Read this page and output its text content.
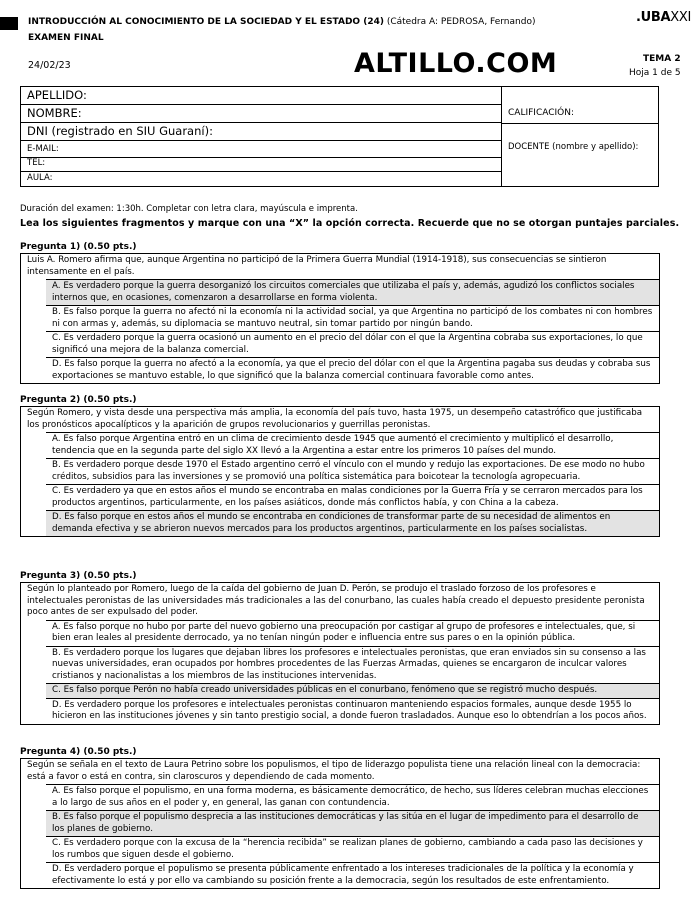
INTRODUCCIÓN AL CONOCIMIENTO DE LA SOCIEDAD Y EL ESTADO (24) (Cátedra A: PEDROSA, Fernando)
EXAMEN FINAL
.UBAXXI
24/02/23	ALTILLO.COM	TEMA 2
Hoja 1 de 5
APELLIDO:
NOMBRE:
DNI (registrado en SIU Guaraní):
E-MAIL:
TEL:
AULA:
CALIFICACIÓN:
DOCENTE (nombre y apellido):
Duración del examen: 1:30h. Completar con letra clara, mayúscula e imprenta.
Lea los siguientes fragmentos y marque con una “X” la opción correcta. Recuerde que no se otorgan puntajes parciales.
Pregunta 1) (0.50 pts.)
Luis A. Romero afirma que, aunque Argentina no participó de la Primera Guerra Mundial (1914-1918), sus consecuencias se sintieron intensamente en el país.
A. Es verdadero porque la guerra desorganizó los circuitos comerciales que utilizaba el país y, además, agudizó los conflictos sociales internos que, en ocasiones, comenzaron a desarrollarse en forma violenta.
B. Es falso porque la guerra no afectó ni la economía ni la actividad social, ya que Argentina no participó de los combates ni con hombres ni con armas y, además, su diplomacia se mantuvo neutral, sin tomar partido por ningún bando.
C. Es verdadero porque la guerra ocasionó un aumento en el precio del dólar con el que la Argentina cobraba sus exportaciones, lo que significó una mejora de la balanza comercial.
D. Es falso porque la guerra no afectó a la economía, ya que el precio del dólar con el que la Argentina pagaba sus deudas y cobraba sus exportaciones se mantuvo estable, lo que significó que la balanza comercial continuara favorable como antes.
Pregunta 2) (0.50 pts.)
Según Romero, y vista desde una perspectiva más amplia, la economía del país tuvo, hasta 1975, un desempeño catastrófico que justificaba los pronósticos apocalípticos y la aparición de grupos revolucionarios y guerrillas peronistas.
A. Es falso porque Argentina entró en un clima de crecimiento desde 1945 que aumentó el crecimiento y multiplicó el desarrollo, tendencia que en la segunda parte del siglo XX llevó a la Argentina a estar entre los primeros 10 países del mundo.
B. Es verdadero porque desde 1970 el Estado argentino cerró el vínculo con el mundo y redujo las exportaciones. De ese modo no hubo créditos, subsidios para las inversiones y se promovió una política sistemática para boicotear la tecnología agropecuaria.
C. Es verdadero ya que en estos años el mundo se encontraba en malas condiciones por la Guerra Fría y se cerraron mercados para los productos argentinos, particularmente, en los países asiáticos, donde más conflictos había, y con China a la cabeza.
D. Es falso porque en estos años el mundo se encontraba en condiciones de transformar parte de su necesidad de alimentos en demanda efectiva y se abrieron nuevos mercados para los productos argentinos, particularmente en los países socialistas.
Pregunta 3) (0.50 pts.)
Según lo planteado por Romero, luego de la caída del gobierno de Juan D. Perón, se produjo el traslado forzoso de los profesores e intelectuales peronistas de las universidades más tradicionales a las del conurbano, las cuales había creado el depuesto presidente peronista poco antes de ser expulsado del poder.
A. Es falso porque no hubo por parte del nuevo gobierno una preocupación por castigar al grupo de profesores e intelectuales, que, si bien eran leales al presidente derrocado, ya no tenían ningún poder e influencia entre sus pares o en la opinión pública.
B. Es verdadero porque los lugares que dejaban libres los profesores e intelectuales peronistas, que eran enviados sin su consenso a las nuevas universidades, eran ocupados por hombres procedentes de las Fuerzas Armadas, quienes se encargaron de inculcar valores cristianos y nacionalistas a los miembros de las instituciones intervenidas.
C. Es falso porque Perón no había creado universidades públicas en el conurbano, fenómeno que se registró mucho después.
D. Es verdadero porque los profesores e intelectuales peronistas continuaron manteniendo espacios formales, aunque desde 1955 lo hicieron en las instituciones jóvenes y sin tanto prestigio social, a donde fueron trasladados. Aunque eso lo obtendrían a los pocos años.
Pregunta 4) (0.50 pts.)
Según se señala en el texto de Laura Petrino sobre los populismos, el tipo de liderazgo populista tiene una relación lineal con la democracia: está a favor o está en contra, sin claroscuros y dependiendo de cada momento.
A. Es falso porque el populismo, en una forma moderna, es básicamente democrático, de hecho, sus líderes celebran muchas elecciones a lo largo de sus años en el poder y, en general, las ganan con contundencia.
B. Es falso porque el populismo desprecia a las instituciones democráticas y las sitúa en el lugar de impedimento para el desarrollo de los planes de gobierno.
C. Es verdadero porque con la excusa de la “herencia recibida” se realizan planes de gobierno, cambiando a cada paso las decisiones y los rumbos que siguen desde el gobierno.
D. Es verdadero porque el populismo se presenta públicamente enfrentado a los intereses tradicionales de la política y la economía y efectivamente lo está y por ello va cambiando su posición frente a la democracia, según los resultados de este enfrentamiento.
